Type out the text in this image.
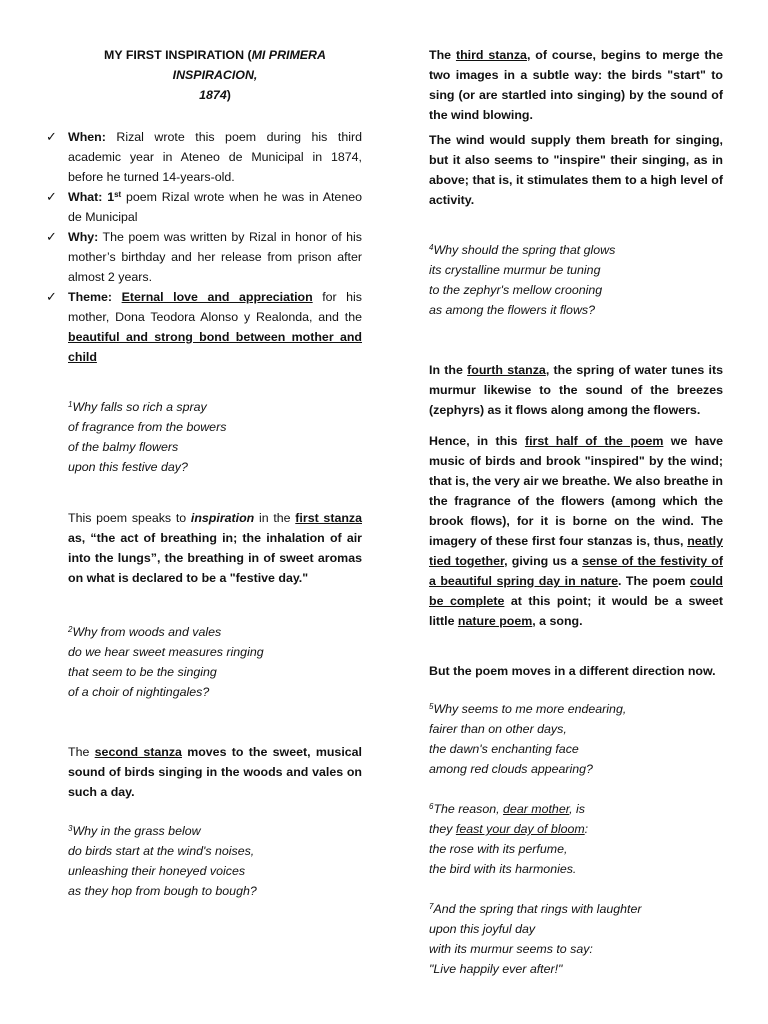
MY FIRST INSPIRATION (MI PRIMERA INSPIRACION,
1874)
✓ When: Rizal wrote this poem during his third academic year in Ateneo de Municipal in 1874, before he turned 14-years-old.
✓ What: 1st poem Rizal wrote when he was in Ateneo de Municipal
✓ Why: The poem was written by Rizal in honor of his mother’s birthday and her release from prison after almost 2 years.
✓ Theme: Eternal love and appreciation for his mother, Dona Teodora Alonso y Realonda, and the beautiful and strong bond between mother and child
$^1$Why falls so rich a spray
of fragrance from the bowers
of the balmy flowers
upon this festive day?

This poem speaks to inspiration in the first stanza as, “the act of breathing in; the inhalation of air into the lungs”, the breathing in of sweet aromas on what is declared to be a "festive day."

$^2$Why from woods and vales
do we hear sweet measures ringing
that seem to be the singing
of a choir of nightingales?

The second stanza moves to the sweet, musical sound of birds singing in the woods and vales on such a day.

$^3$Why in the grass below
do birds start at the wind's noises,
unleashing their honeyed voices
as they hop from bough to bough?

The third stanza, of course, begins to merge the two images in a subtle way: the birds "start" to sing (or are startled into singing) by the sound of the wind blowing.

The wind would supply them breath for singing, but it also seems to "inspire" their singing, as in above; that is, it stimulates them to a high level of activity.

$^4$Why should the spring that glows
its crystalline murmur be tuning
to the zephyr's mellow crooning
as among the flowers it flows?

In the fourth stanza, the spring of water tunes its murmur likewise to the sound of the breezes (zephyrs) as it flows along among the flowers.

Hence, in this first half of the poem we have music of birds and brook "inspired" by the wind; that is, the very air we breathe. We also breathe in the fragrance of the flowers (among which the brook flows), for it is borne on the wind. The imagery of these first four stanzas is, thus, neatly tied together, giving us a sense of the festivity of a beautiful spring day in nature. The poem could be complete at this point; it would be a sweet little nature poem, a song.

But the poem moves in a different direction now.

$^5$Why seems to me more endearing,
fairer than on other days,
the dawn's enchanting face
among red clouds appearing?
$^6$The reason, dear mother, is
they feast your day of bloom:
the rose with its perfume,
the bird with its harmonies.
$^7$And the spring that rings with laughter
upon this joyful day
with its murmur seems to say:
"Live happily ever after!"
